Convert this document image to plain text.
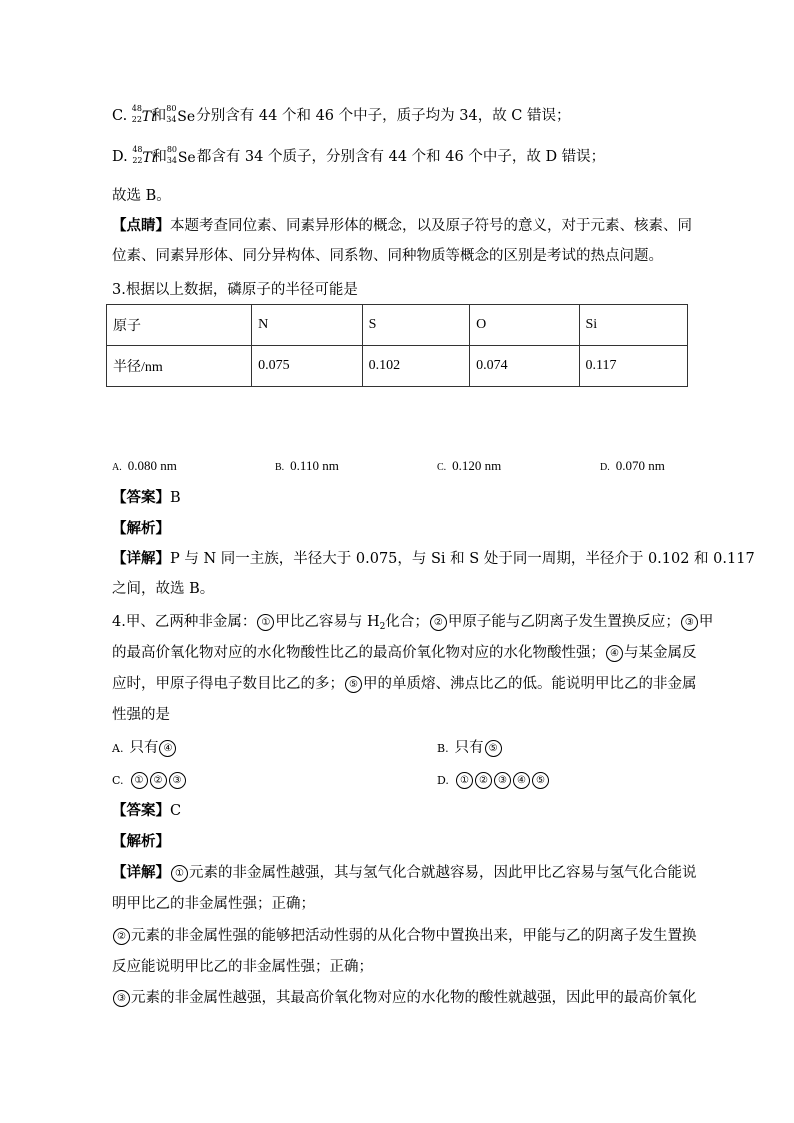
C. 48
22 Ti
和 80
34 Se 分别含有 44 个和 46 个中子，质子均为 34，故 C 错误；
D. 48
22 Ti
和 80
34 Se 都含有 34 个质子，分别含有 44 个和 46 个中子，故 D 错误；
故选 B。
【点睛】本题考查同位素、同素异形体的概念，以及原子符号的意义，对于元素、核素、同
位素、同素异形体、同分异构体、同系物、同种物质等概念的区别是考试的热点问题。
3.根据以上数据，磷原子的半径可能是
原子	N	S	O	Si
半径/nm	0.075	0.102	0.074	0.117
A. 0.080 nm	B. 0.110 nm	C. 0.120 nm	D. 0.070 nm
【答案】B
【解析】
【详解】P 与 N 同一主族，半径大于 0.075，与 Si 和 S 处于同一周期，半径介于 0.102 和 0.117
之间，故选 B。
4.甲、乙两种非金属： ① 甲比乙容易与 $H_2$化合； ② 甲原子能与乙阴离子发生置换反应； ③ 甲
的最高价氧化物对应的水化物酸性比乙的最高价氧化物对应的水化物酸性强； ④ 与某金属反
应时，甲原子得电子数目比乙的多； ⑤ 甲的单质熔、沸点比乙的低。能说明甲比乙的非金属
性强的是
A. 只有 ④	B. 只有 ⑤
C. ① ② ③	D. ① ② ③ ④ ⑤
【答案】C
【解析】
【详解】 ① 元素的非金属性越强，其与氢气化合就越容易，因此甲比乙容易与氢气化合能说
明甲比乙的非金属性强；正确；
② 元素的非金属性强的能够把活动性弱的从化合物中置换出来，甲能与乙的阴离子发生置换
反应能说明甲比乙的非金属性强；正确；
③ 元素的非金属性越强，其最高价氧化物对应的水化物的酸性就越强，因此甲的最高价氧化
